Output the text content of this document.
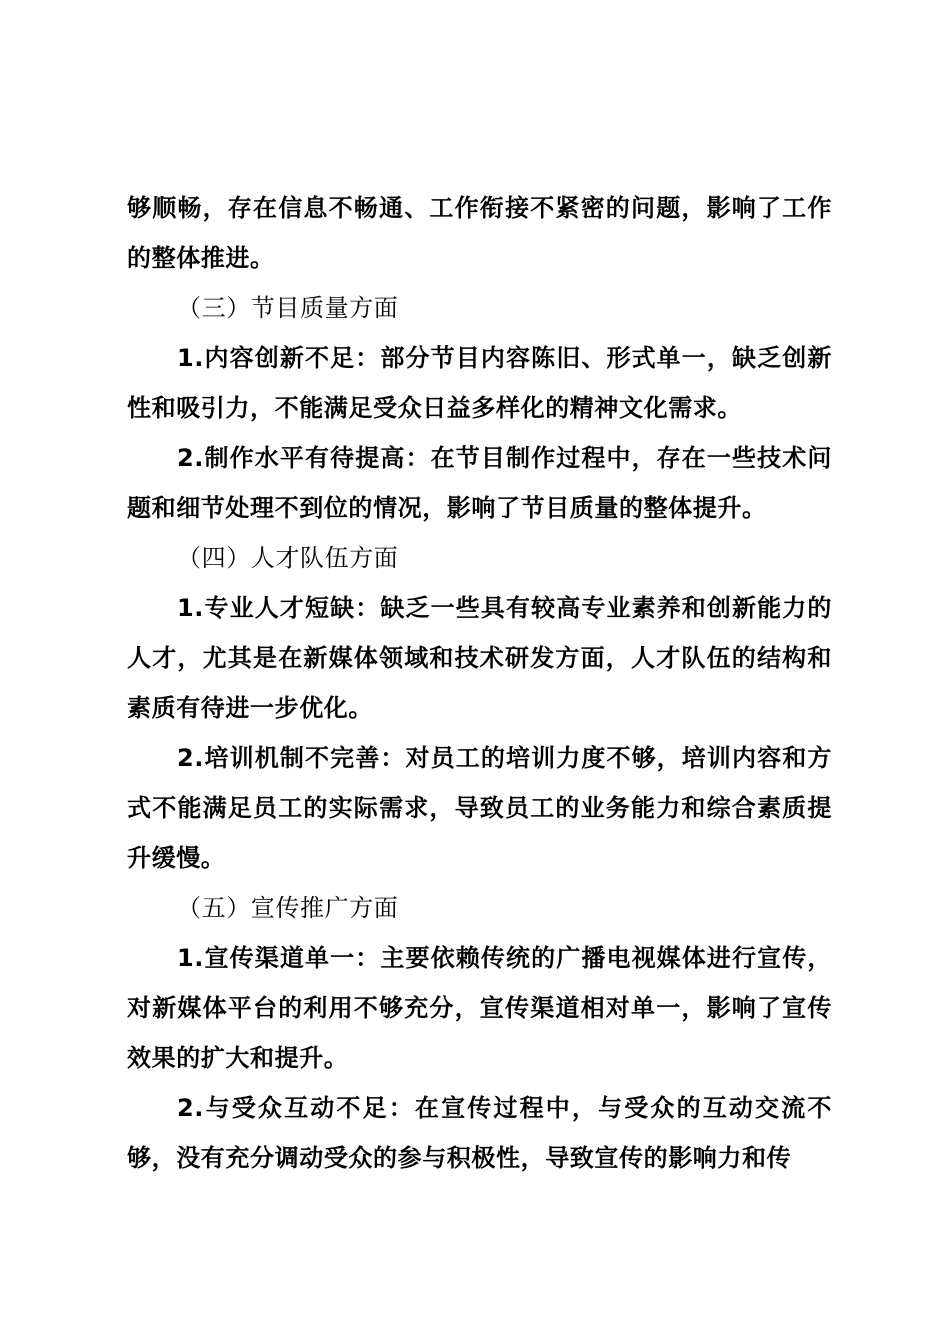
够顺畅，存在信息不畅通、工作衔接不紧密的问题，影响了工作的整体推进。

（三）节目质量方面

1.内容创新不足：部分节目内容陈旧、形式单一，缺乏创新性和吸引力，不能满足受众日益多样化的精神文化需求。

2.制作水平有待提高：在节目制作过程中，存在一些技术问题和细节处理不到位的情况，影响了节目质量的整体提升。

（四）人才队伍方面

1.专业人才短缺：缺乏一些具有较高专业素养和创新能力的人才，尤其是在新媒体领域和技术研发方面，人才队伍的结构和素质有待进一步优化。

2.培训机制不完善：对员工的培训力度不够，培训内容和方式不能满足员工的实际需求，导致员工的业务能力和综合素质提升缓慢。

（五）宣传推广方面

1.宣传渠道单一：主要依赖传统的广播电视媒体进行宣传，对新媒体平台的利用不够充分，宣传渠道相对单一，影响了宣传效果的扩大和提升。

2.与受众互动不足：在宣传过程中，与受众的互动交流不够，没有充分调动受众的参与积极性，导致宣传的影响力和传
